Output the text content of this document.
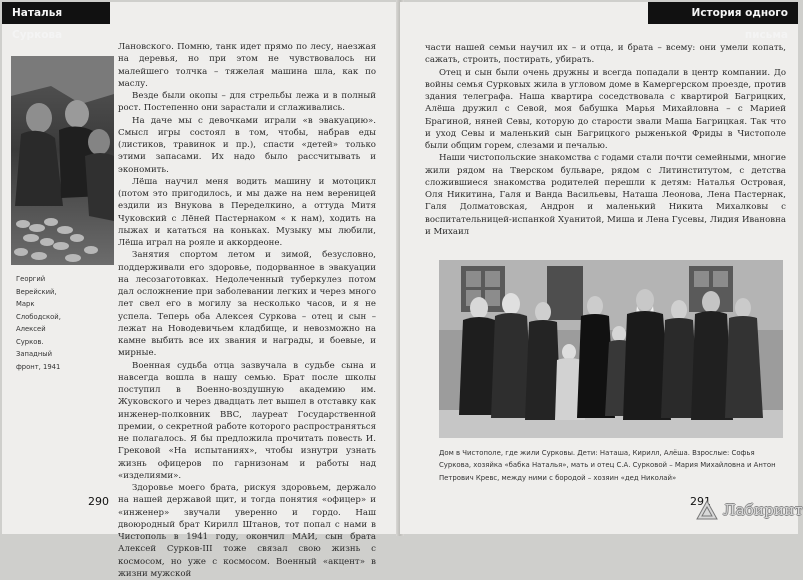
Наталья Суркова
Георгий
Верейский,
Марк
Слободской,
Алексей
Сурков.
Западный
фронт, 1941

Лановского. Помню, танк идет прямо по лесу, наезжая на деревья, но при этом не чувствовалось ни малейшего толчка – тяжелая машина шла, как по маслу.

Везде были окопы – для стрельбы лежа и в полный рост. Постепенно они зарастали и сглаживались.

На даче мы с девочками играли «в эвакуацию». Смысл игры состоял в том, чтобы, набрав еды (листиков, травинок и пр.), спасти «детей» только этими запасами. Их надо было рассчитывать и экономить.

Лёша научил меня водить машину и мотоцикл (потом это пригодилось, и мы даже на нем вереницей ездили из Внукова в Переделкино, а оттуда Митя Чуковский с Лёней Пастернаком « к нам), ходить на лыжах и кататься на коньках. Музыку мы любили, Лёша играл на рояле и аккордеоне.

Занятия спортом летом и зимой, безусловно, поддерживали его здоровье, подорванное в эвакуации на лесозаготовках. Недолеченный туберкулез потом дал осложнение при заболевании легких и через много лет свел его в могилу за несколько часов, и я не успела. Теперь оба Алексея Суркова – отец и сын – лежат на Новодевичьем кладбище, и невозможно на камне выбить все их звания и награды, и боевые, и мирные.

Военная судьба отца зазвучала в судьбе сына и навсегда вошла в нашу семью. Брат после школы поступил в Военно-воздушную академию им. Жуковского и через двадцать лет вышел в отставку как инженер-полковник ВВС, лауреат Государственной премии, о секретной работе которого распространяться не полагалось. Я бы предложила прочитать повесть И. Грековой «На испытаниях», чтобы изнутри узнать жизнь офицеров по гарнизонам и работы над «изделиями».

Здоровье моего брата, рискуя здоровьем, держало на нашей державой щит, и тогда понятия «офицер» и «инженер» звучали уверенно и гордо. Наш двоюродный брат Кирилл Штанов, тот попал с нами в Чистополь в 1941 году, окончил МАИ, сын брата Алексей Сурков-III тоже связал свою жизнь с космосом, но уже с космосом. Военный «акцент» в жизни мужской

290
История одного письма

части нашей семьи научил их – и отца, и брата – всему: они умели копать, сажать, строить, постирать, убирать.

Отец и сын были очень дружны и всегда попадали в центр компании. До войны семья Сурковых жила в угловом доме в Камергерском проезде, против здания телеграфа. Наша квартира соседствовала с квартирой Багрицких, Алёша дружил с Севой, моя бабушка Марья Михайловна – с Марией Брагиной, няней Севы, которую до старости звали Маша Багрицкая. Так что и уход Севы и маленький сын Багрицкого рыженькой Фриды в Чистополе были общим горем, слезами и печалью.

Наши чистопольские знакомства с годами стали почти семейными, многие жили рядом на Тверском бульваре, рядом с Литинститутом, с детства сложившиеся знакомства родителей перешли к детям: Наталья Островая, Оля Никитина, Галя и Ванда Васильевы, Наташа Леонова, Лена Пастернак, Галя Долматовская, Андрон и маленький Никита Михалковы с воспитательницей-испанкой Хуанитой, Миша и Лена Гусевы, Лидия Ивановна и Михаил

Дом в Чистополе, где жили Сурковы. Дети: Наташа, Кирилл, Алёша. Взрослые: Софья Суркова, хозяйка «бабка Наталья», мать и отец С.А. Сурковой – Мария Михайловна и Антон Петрович Кревс, между ними с бородой – хозяин «дед Николай»
291 Лабиринт
